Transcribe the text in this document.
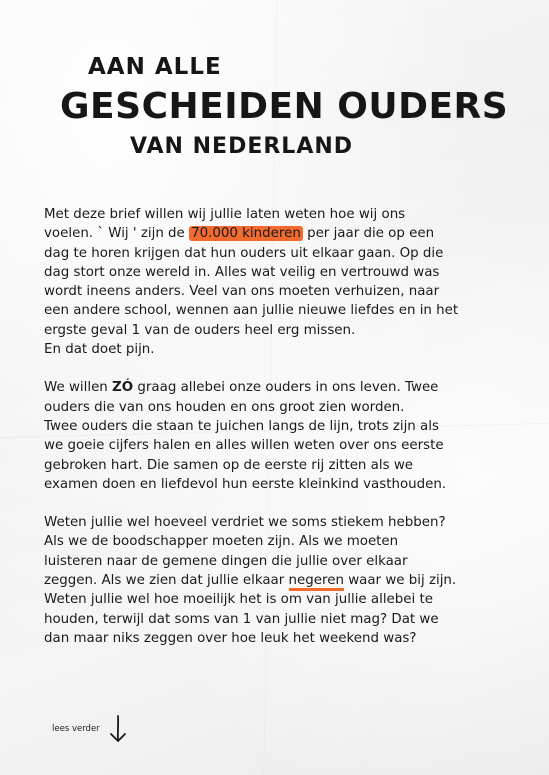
AAN ALLE
GESCHEIDEN OUDERS
VAN NEDERLAND
Met deze brief willen wij jullie laten weten hoe wij ons
voelen. ` Wij ' zijn de 70.000 kinderen per jaar die op een
dag te horen krijgen dat hun ouders uit elkaar gaan. Op die
dag stort onze wereld in. Alles wat veilig en vertrouwd was
wordt ineens anders. Veel van ons moeten verhuizen, naar
een andere school, wennen aan jullie nieuwe liefdes en in het
ergste geval 1 van de ouders heel erg missen.
En dat doet pijn.
We willen ZÓ graag allebei onze ouders in ons leven. Twee
ouders die van ons houden en ons groot zien worden.
Twee ouders die staan te juichen langs de lijn, trots zijn als
we goeie cijfers halen en alles willen weten over ons eerste
gebroken hart. Die samen op de eerste rij zitten als we
examen doen en liefdevol hun eerste kleinkind vasthouden.
Weten jullie wel hoeveel verdriet we soms stiekem hebben?
Als we de boodschapper moeten zijn. Als we moeten
luisteren naar de gemene dingen die jullie over elkaar
zeggen. Als we zien dat jullie elkaar negeren waar we bij zijn.
Weten jullie wel hoe moeilijk het is om van jullie allebei te
houden, terwijl dat soms van 1 van jullie niet mag? Dat we
dan maar niks zeggen over hoe leuk het weekend was?
lees verder
